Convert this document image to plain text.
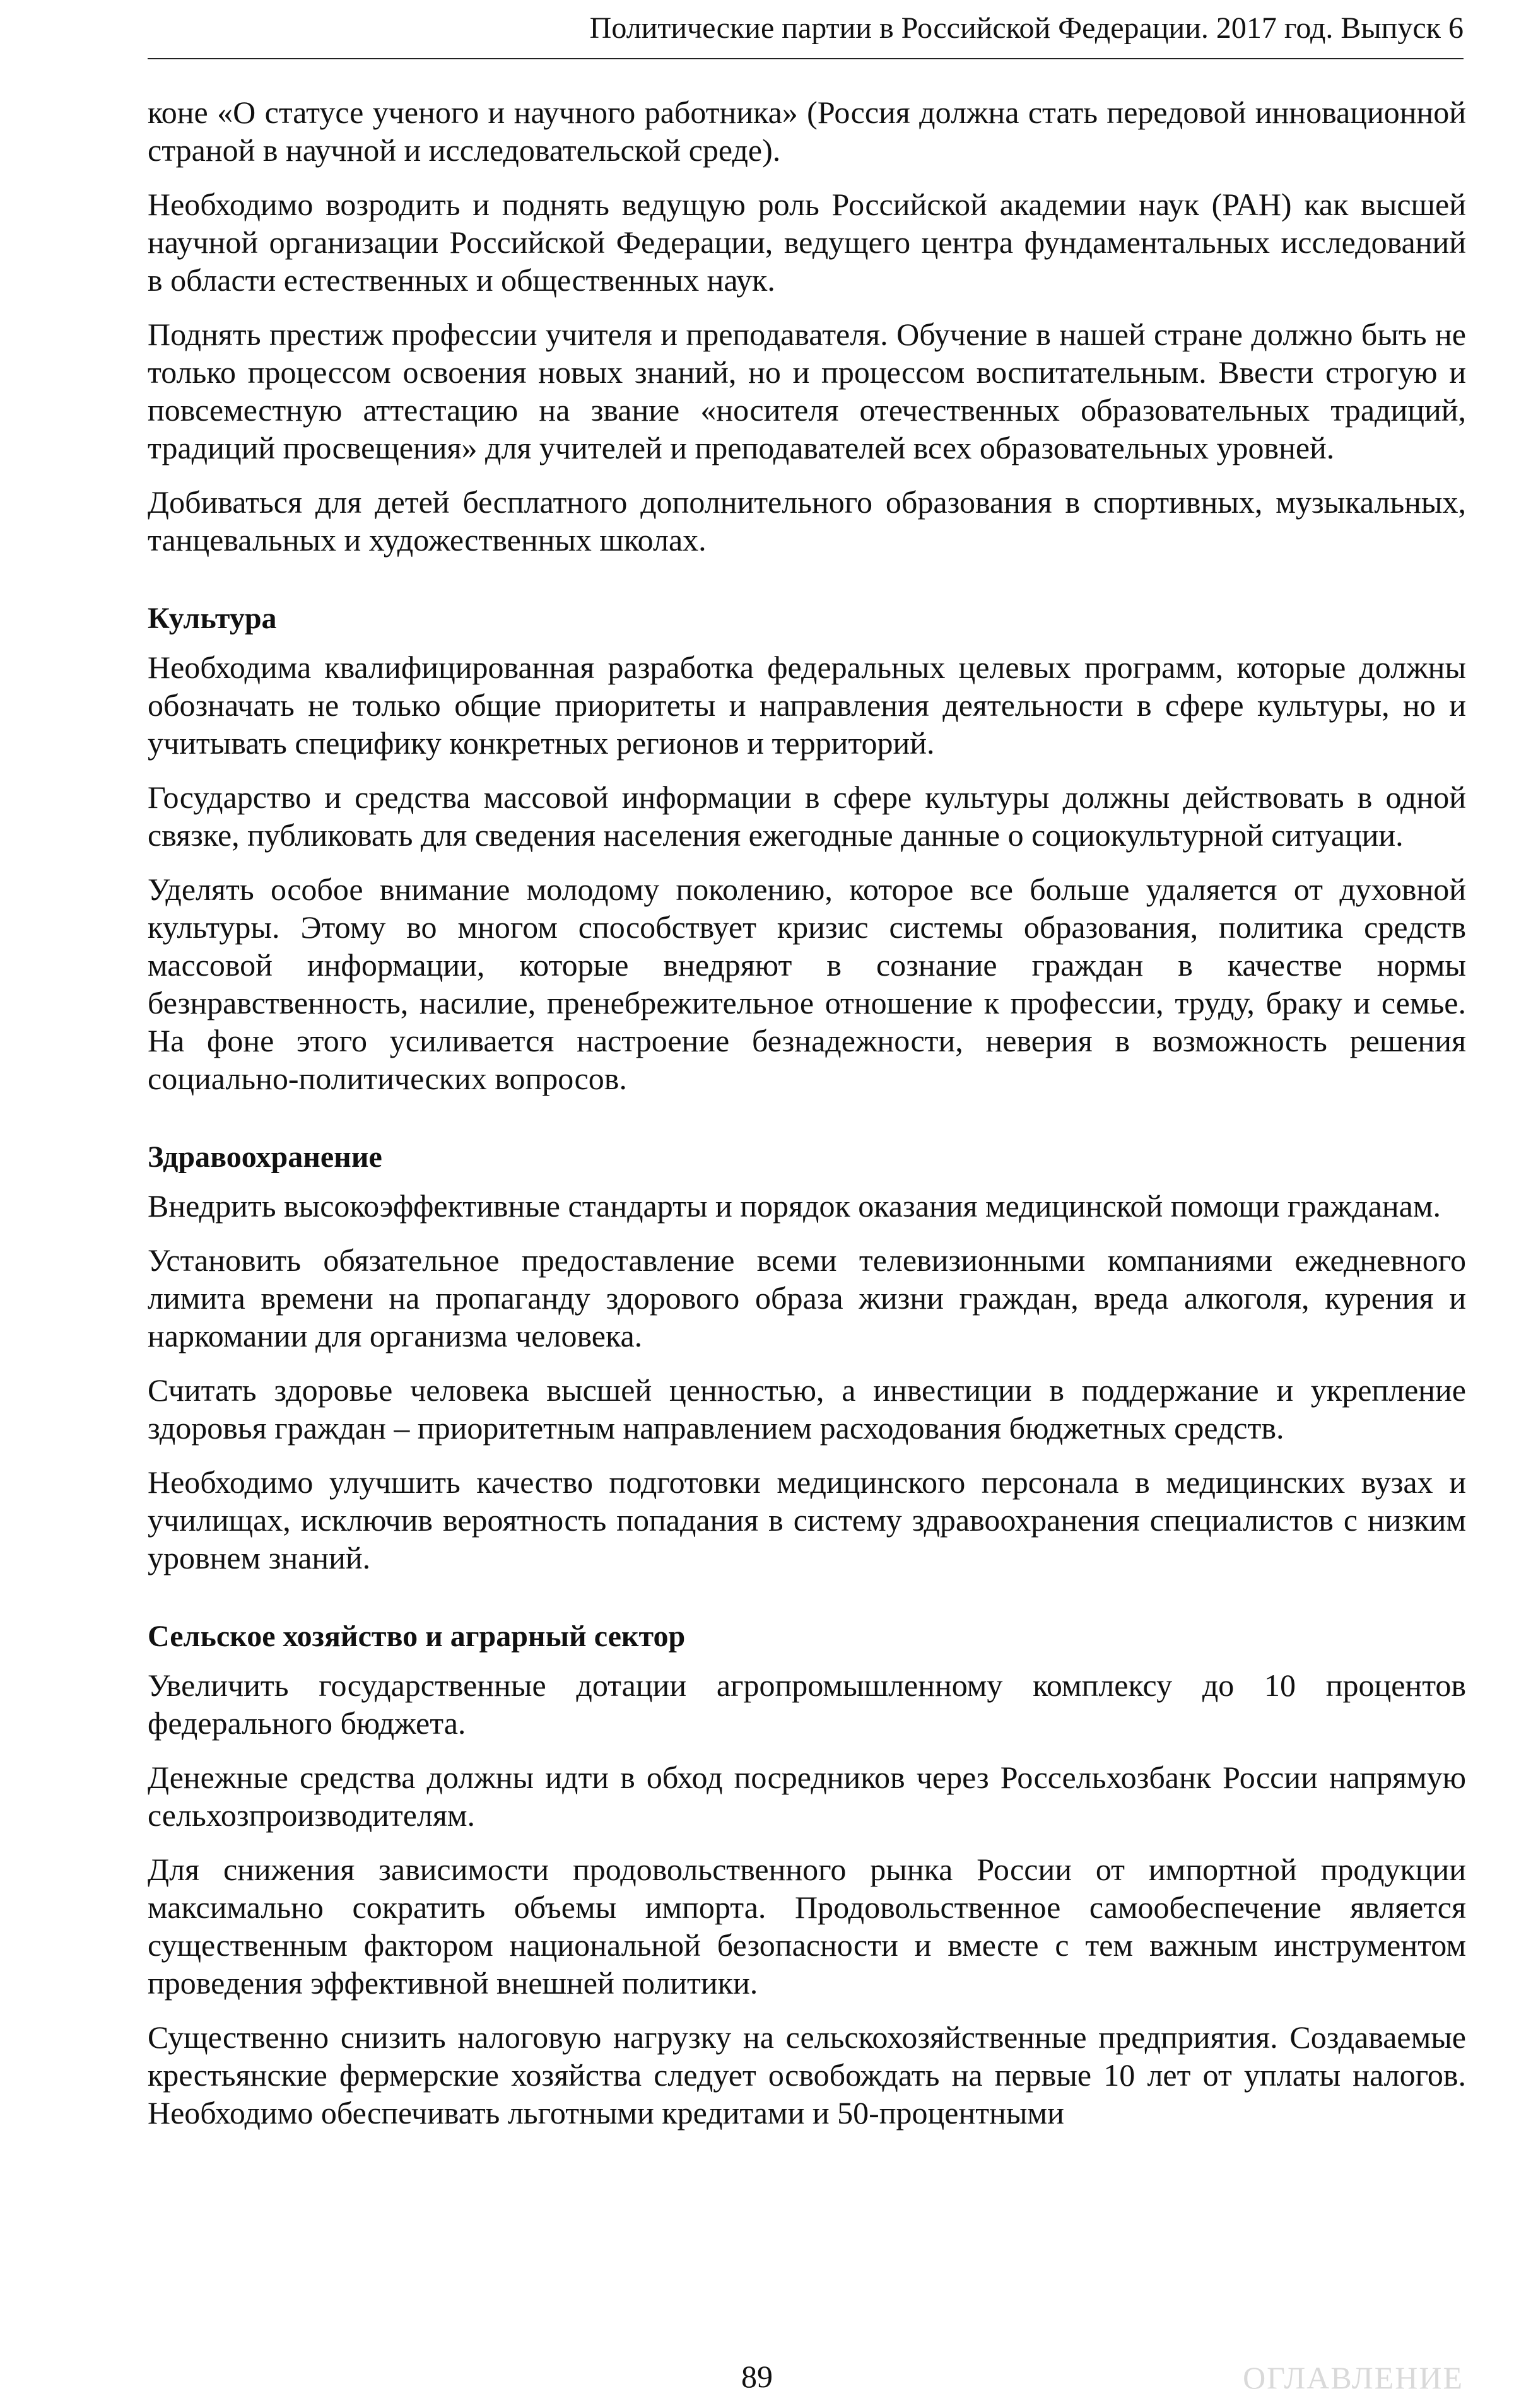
Политические партии в Российской Федерации. 2017 год. Выпуск 6

коне «О статусе ученого и научного работника» (Россия должна стать передовой инновационной страной в научной и исследовательской среде).

Необходимо возродить и поднять ведущую роль Российской академии наук (РАН) как высшей научной организации Российской Федерации, ведущего центра фундаментальных исследований в области естественных и общественных наук.

Поднять престиж профессии учителя и преподавателя. Обучение в нашей стране должно быть не только процессом освоения новых знаний, но и процессом воспитательным. Ввести строгую и повсеместную аттестацию на звание «носителя отечественных образовательных традиций, традиций просвещения» для учителей и преподавателей всех образовательных уровней.

Добиваться для детей бесплатного дополнительного образования в спортивных, музыкальных, танцевальных и художественных школах.

Культура

Необходима квалифицированная разработка федеральных целевых программ, которые должны обозначать не только общие приоритеты и направления деятельности в сфере культуры, но и учитывать специфику конкретных регионов и территорий.

Государство и средства массовой информации в сфере культуры должны действовать в одной связке, публиковать для сведения населения ежегодные данные о социокультурной ситуации.

Уделять особое внимание молодому поколению, которое все больше удаляется от духовной культуры. Этому во многом способствует кризис системы образования, политика средств массовой информации, которые внедряют в сознание граждан в качестве нормы безнравственность, насилие, пренебрежительное отношение к профессии, труду, браку и семье. На фоне этого усиливается настроение безнадежности, неверия в возможность решения социально-политических вопросов.

Здравоохранение

Внедрить высокоэффективные стандарты и порядок оказания медицинской помощи гражданам.

Установить обязательное предоставление всеми телевизионными компаниями ежедневного лимита времени на пропаганду здорового образа жизни граждан, вреда алкоголя, курения и наркомании для организма человека.

Считать здоровье человека высшей ценностью, а инвестиции в поддержание и укрепление здоровья граждан – приоритетным направлением расходования бюджетных средств.

Необходимо улучшить качество подготовки медицинского персонала в медицинских вузах и училищах, исключив вероятность попадания в систему здравоохранения специалистов с низким уровнем знаний.

Сельское хозяйство и аграрный сектор

Увеличить государственные дотации агропромышленному комплексу до 10 процентов федерального бюджета.

Денежные средства должны идти в обход посредников через Россельхозбанк России напрямую сельхозпроизводителям.

Для снижения зависимости продовольственного рынка России от импортной продукции максимально сократить объемы импорта. Продовольственное самообеспечение является существенным фактором национальной безопасности и вместе с тем важным инструментом проведения эффективной внешней политики.

Существенно снизить налоговую нагрузку на сельскохозяйственные предприятия. Создаваемые крестьянские фермерские хозяйства следует освобождать на первые 10 лет от уплаты налогов. Необходимо обеспечивать льготными кредитами и 50-процентными

89	ОГЛАВЛЕНИЕ
